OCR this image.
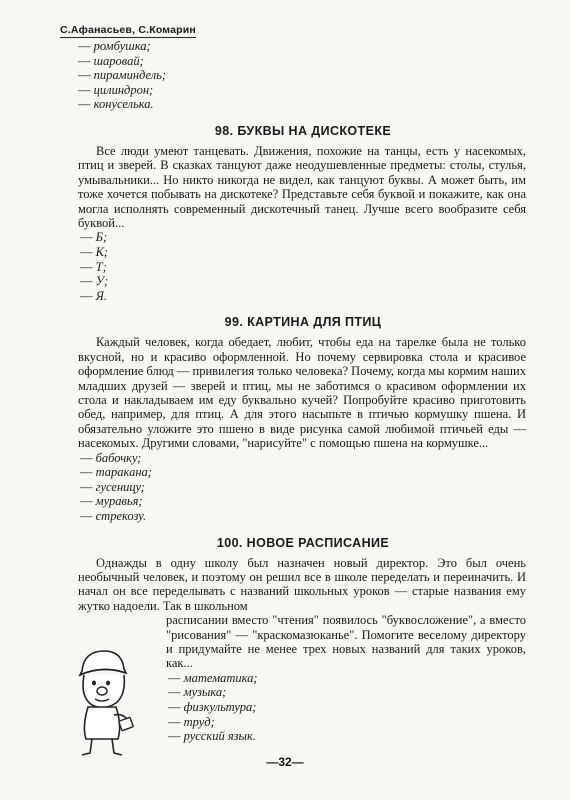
С.Афанасьев, С.Комарин
— ромбушка;
— шаровай;
— пираминдель;
— цилиндрон;
— конуселька.
98. БУКВЫ НА ДИСКОТЕКЕ

Все люди умеют танцевать. Движения, похожие на танцы, есть у насекомых, птиц и зверей. В сказках танцуют даже неодушевленные предметы: столы, стулья, умывальники... Но никто никогда не видел, как танцуют буквы. А может быть, им тоже хочется побывать на дискотеке? Представьте себя буквой и покажите, как она могла исполнять современный дискотечный танец. Лучше всего вообразите себя буквой...

— Б;
— К;
— Т;
— У;
— Я.
99. КАРТИНА ДЛЯ ПТИЦ

Каждый человек, когда обедает, любит, чтобы еда на тарелке была не только вкусной, но и красиво оформленной. Но почему сервировка стола и красивое оформление блюд — привилегия только человека? Почему, когда мы кормим наших младших друзей — зверей и птиц, мы не заботимся о красивом оформлении их стола и накладываем им еду буквально кучей? Попробуйте красиво приготовить обед, например, для птиц. А для этого насыпьте в птичью кормушку пшена. И обязательно уложите это пшено в виде рисунка самой любимой птичьей еды — насекомых. Другими словами, "нарисуйте" с помощью пшена на кормушке...

— бабочку;
— таракана;
— гусеницу;
— муравья;
— стрекозу.
100. НОВОЕ РАСПИСАНИЕ

Однажды в одну школу был назначен новый директор. Это был очень необычный человек, и поэтому он решил все в школе переделать и переиначить. И начал он все переделывать с названий школьных уроков — старые названия ему жутко надоели. Так в школьном

расписании вместо "чтения" появилось "буквосложение", а вместо "рисования" — "краскомазюканье". Помогите веселому директору и придумайте не менее трех новых названий для таких уроков, как...

— математика;
— музыка;
— физкультура;
— труд;
— русский язык.
—32—
